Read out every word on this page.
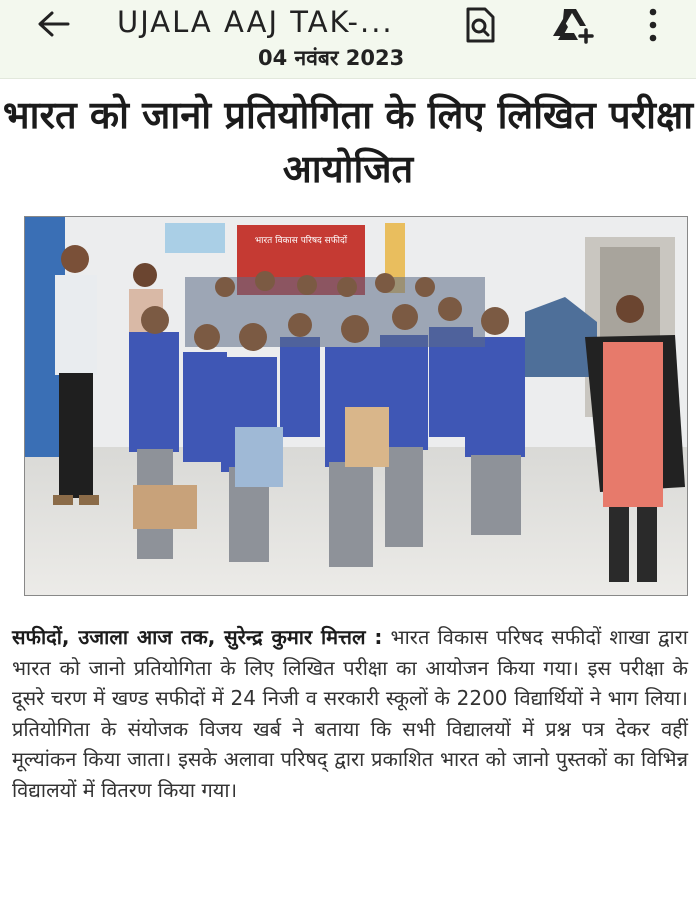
UJALA AAJ TAK-...
04 नवंबर 2023
भारत को जानो प्रतियोगिता के लिए लिखित परीक्षा आयोजित
भारत विकास परिषद सफीदों
सफीदों, उजाला आज तक, सुरेन्द्र कुमार मित्तल : भारत विकास परिषद सफीदों शाखा द्वारा भारत को जानो प्रतियोगिता के लिए लिखित परीक्षा का आयोजन किया गया। इस परीक्षा के दूसरे चरण में खण्ड सफीदों में 24 निजी व सरकारी स्कूलों के 2200 विद्यार्थियों ने भाग लिया। प्रतियोगिता के संयोजक विजय खर्ब ने बताया कि सभी विद्यालयों में प्रश्न पत्र देकर वहीं मूल्यांकन किया जाता। इसके अलावा परिषद् द्वारा प्रकाशित भारत को जानो पुस्तकों का विभिन्न विद्यालयों में वितरण किया गया।
